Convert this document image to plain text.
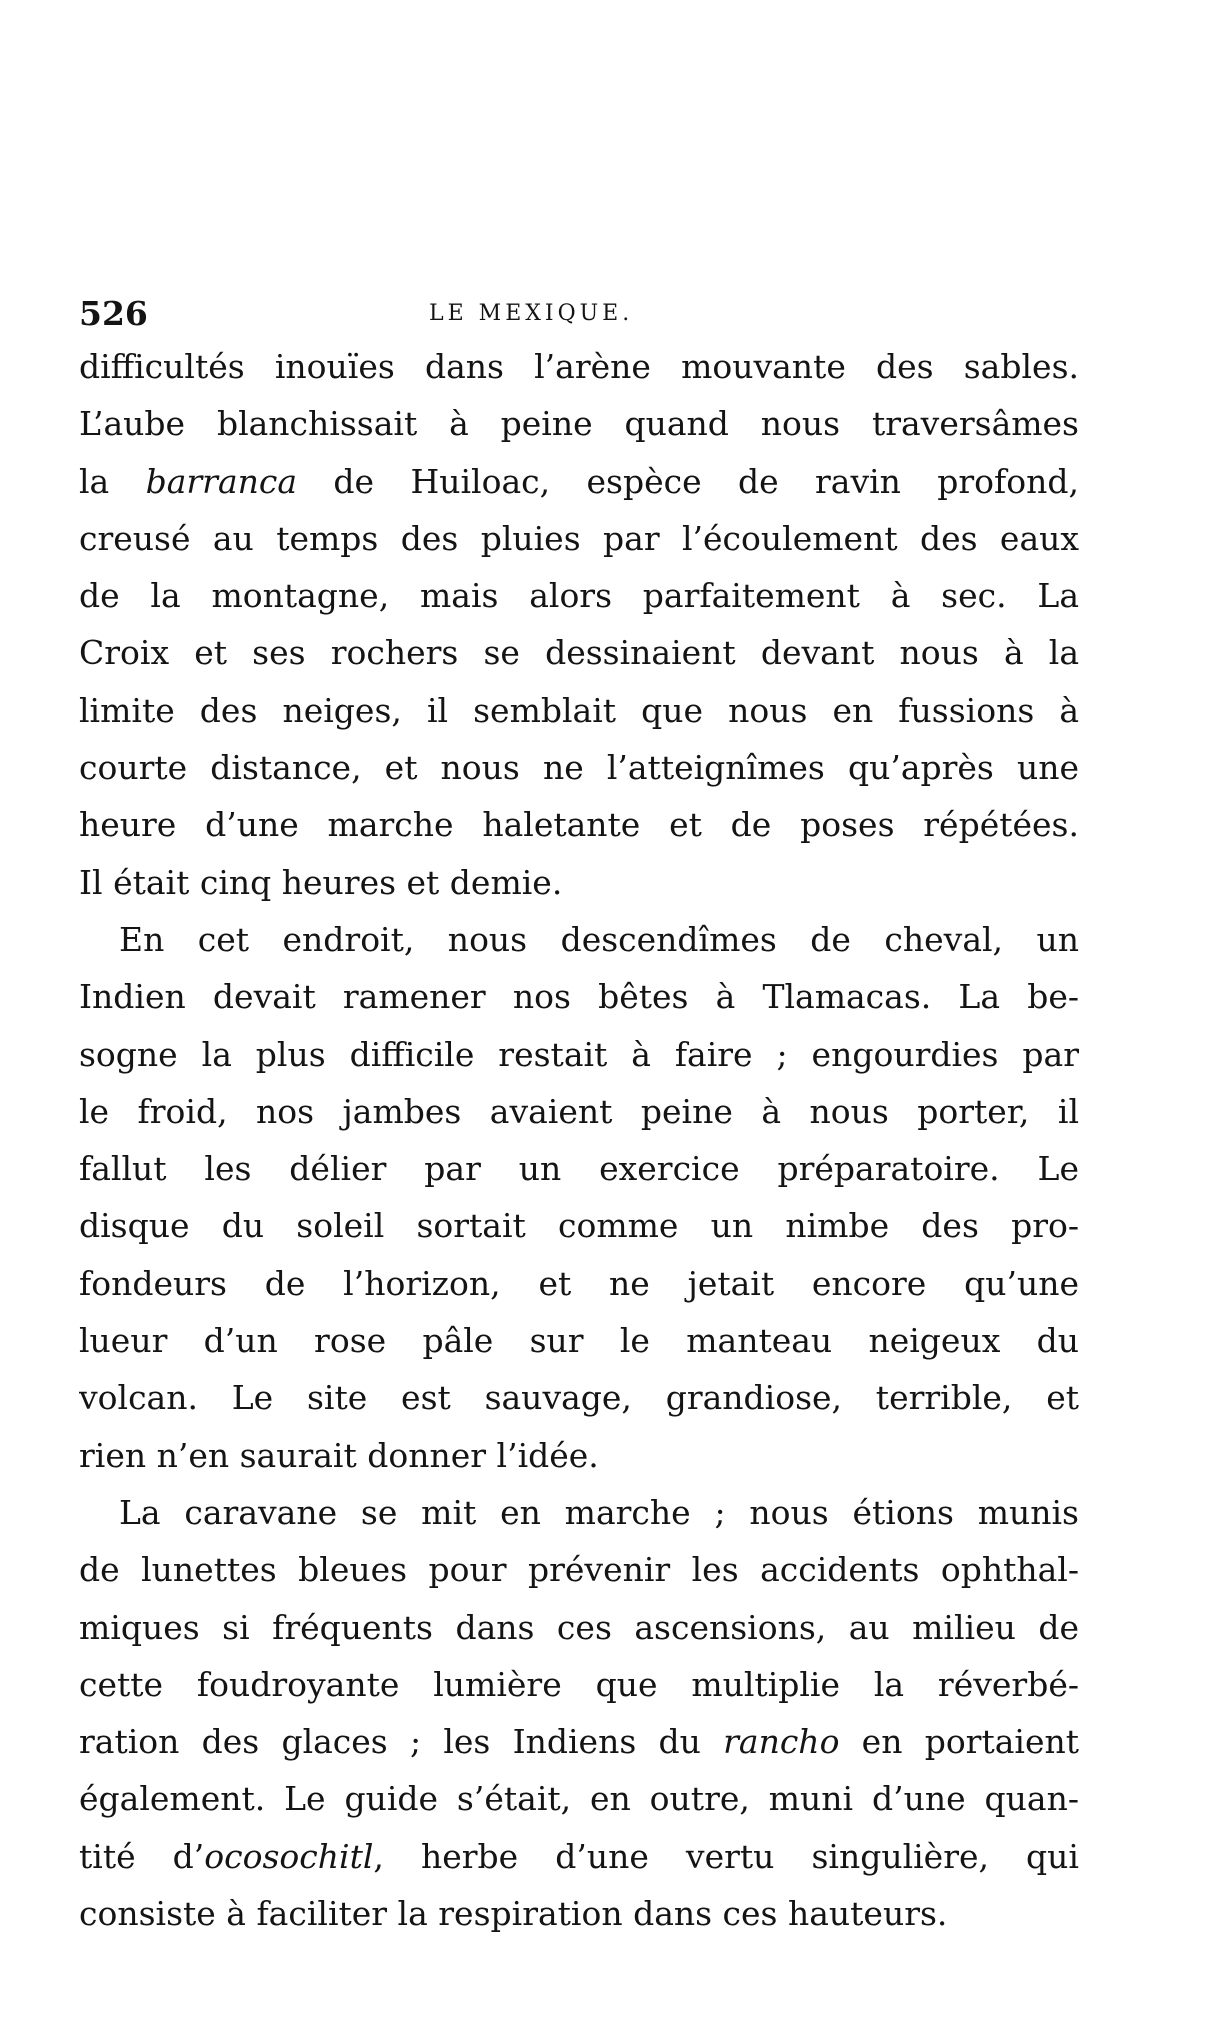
526	LE MEXIQUE.
difficultés inouïes dans l’arène mouvante des sables.
L’aube blanchissait à peine quand nous traversâmes
la barranca de Huiloac, espèce de ravin profond,
creusé au temps des pluies par l’écoulement des eaux
de la montagne, mais alors parfaitement à sec. La
Croix et ses rochers se dessinaient devant nous à la
limite des neiges, il semblait que nous en fussions à
courte distance, et nous ne l’atteignîmes qu’après une
heure d’une marche haletante et de poses répétées.
Il était cinq heures et demie.
En cet endroit, nous descendîmes de cheval, un
Indien devait ramener nos bêtes à Tlamacas. La be-
sogne la plus difficile restait à faire ; engourdies par
le froid, nos jambes avaient peine à nous porter, il
fallut les délier par un exercice préparatoire. Le
disque du soleil sortait comme un nimbe des pro-
fondeurs de l’horizon, et ne jetait encore qu’une
lueur d’un rose pâle sur le manteau neigeux du
volcan. Le site est sauvage, grandiose, terrible, et
rien n’en saurait donner l’idée.
La caravane se mit en marche ; nous étions munis
de lunettes bleues pour prévenir les accidents ophthal-
miques si fréquents dans ces ascensions, au milieu de
cette foudroyante lumière que multiplie la réverbé-
ration des glaces ; les Indiens du rancho en portaient
également. Le guide s’était, en outre, muni d’une quan-
tité d’ocosochitl, herbe d’une vertu singulière, qui
consiste à faciliter la respiration dans ces hauteurs.
